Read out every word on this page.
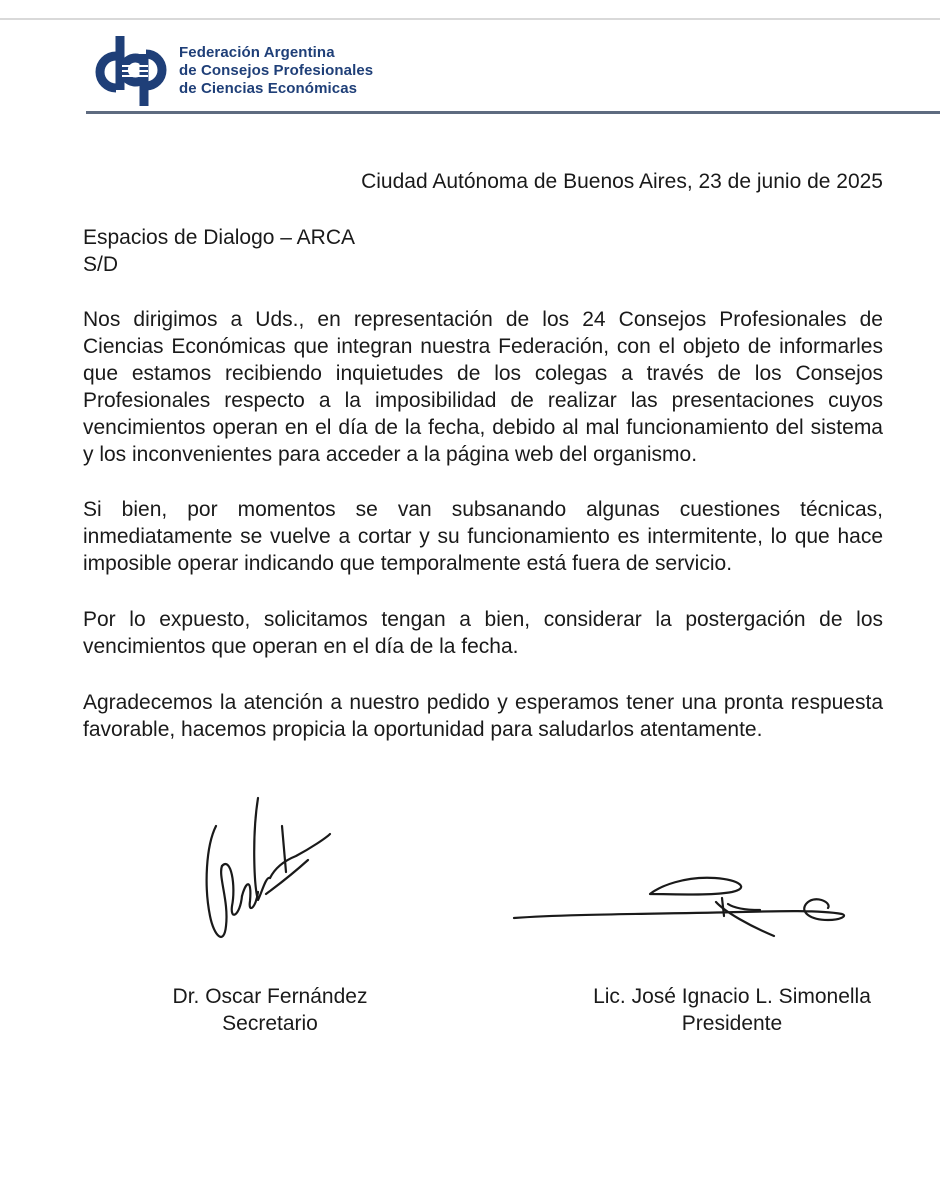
Federación Argentina
de Consejos Profesionales
de Ciencias Económicas
Ciudad Autónoma de Buenos Aires, 23 de junio de 2025
Espacios de Dialogo – ARCA
S/D
Nos dirigimos a Uds., en representación de los 24 Consejos Profesionales de Ciencias Económicas que integran nuestra Federación, con el objeto de informarles que estamos recibiendo inquietudes de los colegas a través de los Consejos Profesionales respecto a la imposibilidad de realizar las presentaciones cuyos vencimientos operan en el día de la fecha, debido al mal funcionamiento del sistema y los inconvenientes para acceder a la página web del organismo.
Si bien, por momentos se van subsanando algunas cuestiones técnicas, inmediatamente se vuelve a cortar y su funcionamiento es intermitente, lo que hace imposible operar indicando que temporalmente está fuera de servicio.
Por lo expuesto, solicitamos tengan a bien, considerar la postergación de los vencimientos que operan en el día de la fecha.
Agradecemos la atención a nuestro pedido y esperamos tener una pronta respuesta favorable, hacemos propicia la oportunidad para saludarlos atentamente.
Dr. Oscar Fernández
Secretario
Lic. José Ignacio L. Simonella
Presidente
